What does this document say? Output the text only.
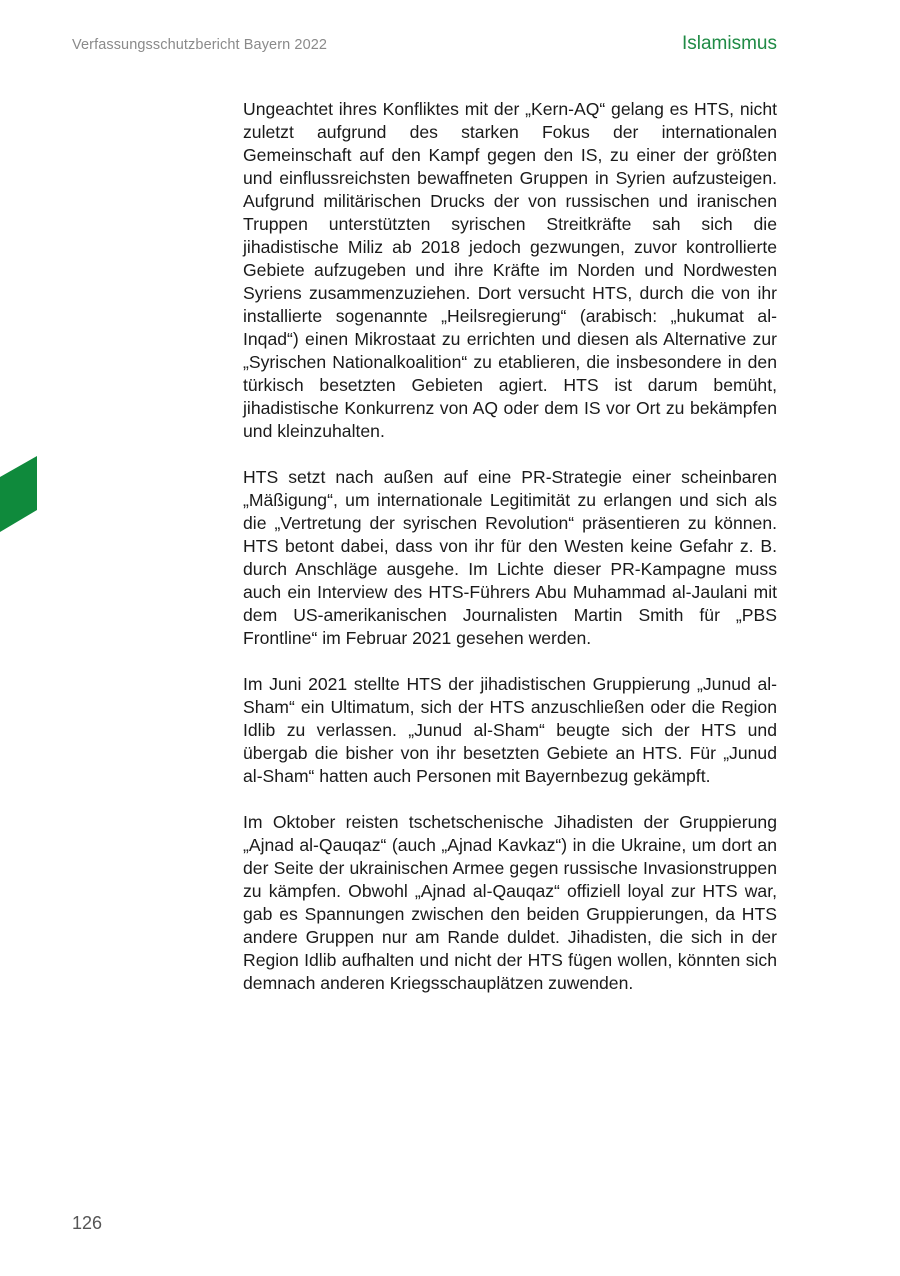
Verfassungsschutzbericht Bayern 2022	Islamismus

Ungeachtet ihres Konfliktes mit der „Kern-AQ“ gelang es HTS, nicht zuletzt aufgrund des starken Fokus der internationalen Gemeinschaft auf den Kampf gegen den IS, zu einer der größten und einflussreichsten bewaffneten Gruppen in Syrien aufzusteigen. Aufgrund militärischen Drucks der von russischen und iranischen Truppen unterstützten syrischen Streitkräfte sah sich die jihadistische Miliz ab 2018 jedoch gezwungen, zuvor kontrollierte Gebiete aufzugeben und ihre Kräfte im Norden und Nordwesten Syriens zusammenzuziehen. Dort versucht HTS, durch die von ihr installierte sogenannte „Heilsregierung“ (arabisch: „hukumat al-Inqad“) einen Mikrostaat zu errichten und diesen als Alternative zur „Syrischen Nationalkoalition“ zu etablieren, die insbesondere in den türkisch besetzten Gebieten agiert. HTS ist darum bemüht, jihadistische Konkurrenz von AQ oder dem IS vor Ort zu bekämpfen und kleinzuhalten.

HTS setzt nach außen auf eine PR-Strategie einer scheinbaren „Mäßigung“, um internationale Legitimität zu erlangen und sich als die „Vertretung der syrischen Revolution“ präsentieren zu können. HTS betont dabei, dass von ihr für den Westen keine Gefahr z. B. durch Anschläge ausgehe. Im Lichte dieser PR-Kampagne muss auch ein Interview des HTS-Führers Abu Muhammad al-Jaulani mit dem US-amerikanischen Journalisten Martin Smith für „PBS Frontline“ im Februar 2021 gesehen werden.

Im Juni 2021 stellte HTS der jihadistischen Gruppierung „Junud al-Sham“ ein Ultimatum, sich der HTS anzuschließen oder die Region Idlib zu verlassen. „Junud al-Sham“ beugte sich der HTS und übergab die bisher von ihr besetzten Gebiete an HTS. Für „Junud al-Sham“ hatten auch Personen mit Bayernbezug gekämpft.

Im Oktober reisten tschetschenische Jihadisten der Gruppierung „Ajnad al-Qauqaz“ (auch „Ajnad Kavkaz“) in die Ukraine, um dort an der Seite der ukrainischen Armee gegen russische Invasionstruppen zu kämpfen. Obwohl „Ajnad al-Qauqaz“ offiziell loyal zur HTS war, gab es Spannungen zwischen den beiden Gruppierungen, da HTS andere Gruppen nur am Rande duldet. Jihadisten, die sich in der Region Idlib aufhalten und nicht der HTS fügen wollen, könnten sich demnach anderen Kriegsschauplätzen zuwenden.

126
